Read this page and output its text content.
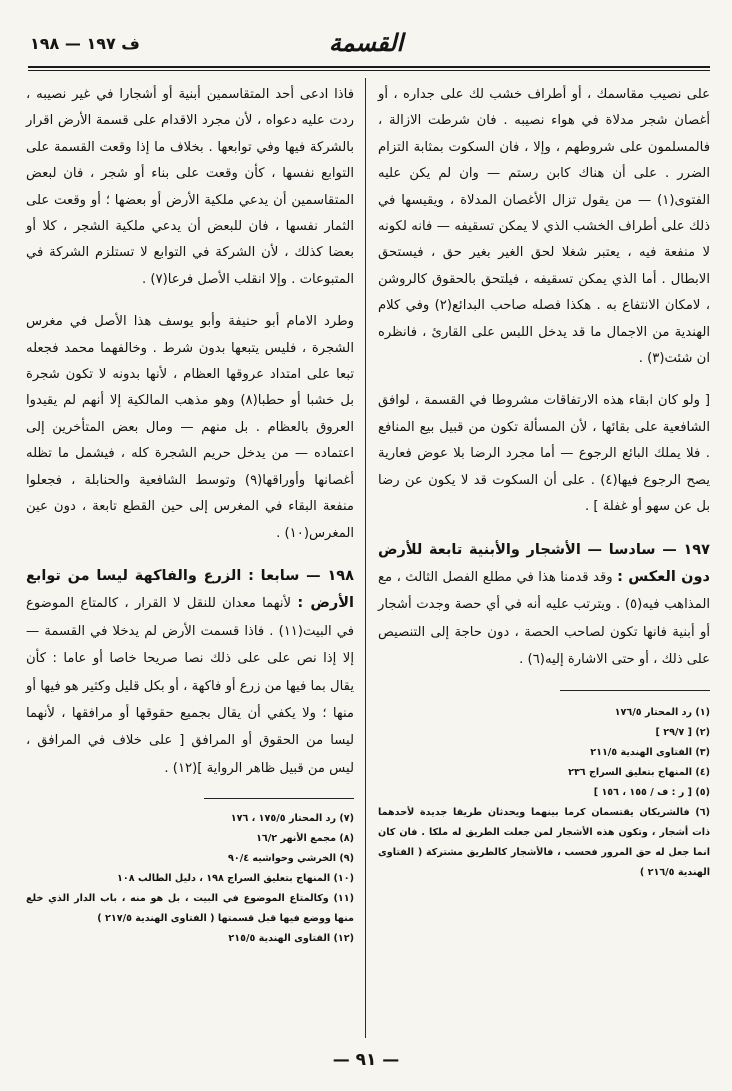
ف ١٩٧ — ١٩٨	القسمة
على نصيب مقاسمك ، أو أطراف خشب لك على جداره ، أو أغصان شجر مدلاة في هواء نصيبه . فان شرطت الازالة ، فالمسلمون على شروطهم ، وإلا ، فان السكوت بمثابة التزام الضرر . على أن هناك كابن رستم — وان لم يكن عليه الفتوى(١) — من يقول تزال الأغصان المدلاة ، ويقيسها في ذلك على أطراف الخشب الذي لا يمكن تسقيفه — فانه لكونه لا منفعة فيه ، يعتبر شغلا لحق الغير بغير حق ، فيستحق الابطال . أما الذي يمكن تسقيفه ، فيلتحق بالحقوق كالروشن ، لامكان الانتفاع به . هكذا فصله صاحب البدائع(٢) وفي كلام الهندية من الاجمال ما قد يدخل اللبس على القارئ ، فانظره ان شئت(٣) .
[ ولو كان ابقاء هذه الارتفاقات مشروطا في القسمة ، لوافق الشافعية على بقائها ، لأن المسألة تكون من قبيل بيع المنافع . فلا يملك البائع الرجوع — أما مجرد الرضا بلا عوض فعارية يصح الرجوع فيها(٤) . على أن السكوت قد لا يكون عن رضا بل عن سهو أو غفلة ] .
١٩٧ — سادسا — الأشجار والأبنية تابعة للأرض دون العكس : وقد قدمنا هذا في مطلع الفصل الثالث ، مع المذاهب فيه(٥) . ويترتب عليه أنه في أي حصة وجدت أشجار أو أبنية فانها تكون لصاحب الحصة ، دون حاجة إلى التنصيص على ذلك ، أو حتى الاشارة إليه(٦) .
(١) رد المحتار ١٧٦/٥
(٢) [ ٢٩/٧ ]
(٣) الفتاوى الهندية ٢١١/٥
(٤) المنهاج بتعليق السراج ٢٣٦
(٥) [ ر : ف / ١٥٥ ، ١٥٦ ]
(٦) فالشريكان يقتسمان كرما بينهما ويحدثان طريقا جديدة لأحدهما ذات أشجار ، وتكون هذه الأشجار لمن جعلت الطريق له ملكا . فان كان انما جعل له حق المرور فحسب ، فالأشجار كالطريق مشتركة ( الفتاوى الهندية ٢١٦/٥ )
فاذا ادعى أحد المتقاسمين أبنية أو أشجارا في غير نصيبه ، ردت عليه دعواه ، لأن مجرد الاقدام على قسمة الأرض اقرار بالشركة فيها وفي توابعها . بخلاف ما إذا وقعت القسمة على التوابع نفسها ، كأن وقعت على بناء أو شجر ، فان لبعض المتقاسمين أن يدعي ملكية الأرض أو بعضها ؛ أو وقعت على الثمار نفسها ، فان للبعض أن يدعي ملكية الشجر ، كلا أو بعضا كذلك ، لأن الشركة في التوابع لا تستلزم الشركة في المتبوعات . وإلا انقلب الأصل فرعا(٧) .
وطرد الامام أبو حنيفة وأبو يوسف هذا الأصل في مغرس الشجرة ، فليس يتبعها بدون شرط . وخالفهما محمد فجعله تبعا على امتداد عروقها العظام ، لأنها بدونه لا تكون شجرة بل خشبا أو حطبا(٨) وهو مذهب المالكية إلا أنهم لم يقيدوا العروق بالعظام . بل منهم — ومال بعض المتأخرين إلى اعتماده — من يدخل حريم الشجرة كله ، فيشمل ما تظله أغصانها وأوراقها(٩) وتوسط الشافعية والحنابلة ، فجعلوا منفعة البقاء في المغرس إلى حين القطع تابعة ، دون عين المغرس(١٠) .
١٩٨ — سابعا : الزرع والفاكهة ليسا من توابع الأرض : لأنهما معدان للنقل لا القرار ، كالمتاع الموضوع في البيت(١١) . فاذا قسمت الأرض لم يدخلا في القسمة — إلا إذا نص على على ذلك نصا صريحا خاصا أو عاما : كأن يقال بما فيها من زرع أو فاكهة ، أو بكل قليل وكثير هو فيها أو منها ؛ ولا يكفي أن يقال بجميع حقوقها أو مرافقها ، لأنهما ليسا من الحقوق أو المرافق [ على خلاف في المرافق ، ليس من قبيل ظاهر الرواية ](١٢) .
(٧) رد المحتار ١٧٥/٥ ، ١٧٦
(٨) مجمع الأنهر ١٦/٢
(٩) الخرشي وحواشيه ٩٠/٤
(١٠) المنهاج بتعليق السراج ١٩٨ ، دليل الطالب ١٠٨
(١١) وكالمتاع الموضوع في البيت ، بل هو منه ، باب الدار الذي خلع منها ووضع فيها قبل قسمتها ( الفتاوى الهندية ٢١٧/٥ )
(١٢) الفتاوى الهندية ٢١٥/٥
— ٩١ —
